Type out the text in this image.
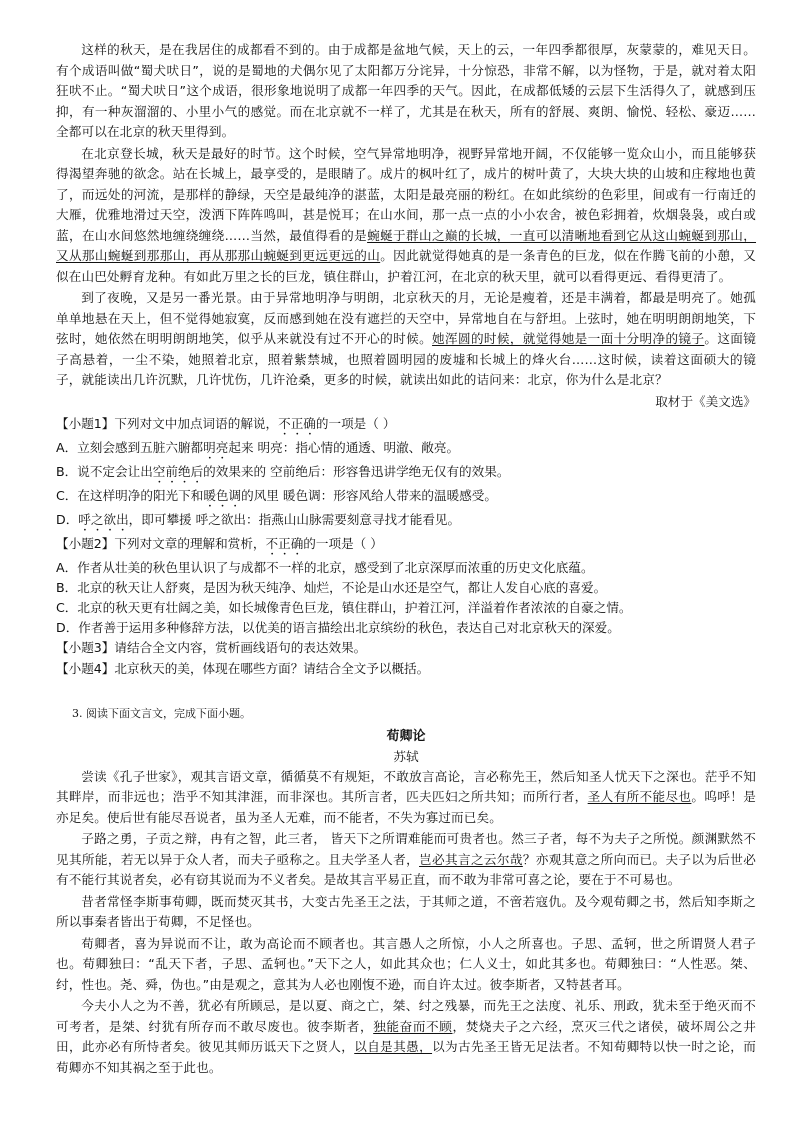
这样的秋天，是在我居住的成都看不到的。由于成都是盆地气候，天上的云，一年四季都很厚，灰蒙蒙的，难见天日。有个成语叫做“蜀犬吠日”，说的是蜀地的犬偶尔见了太阳都万分诧异，十分惊恐，非常不解，以为怪物，于是，就对着太阳狂吠不止。“蜀犬吠日”这个成语，很形象地说明了成都一年四季的天气。因此，在成都低矮的云层下生活得久了，就感到压抑，有一种灰溜溜的、小里小气的感觉。而在北京就不一样了，尤其是在秋天，所有的舒展、爽朗、愉悦、轻松、豪迈……全都可以在北京的秋天里得到。

在北京登长城，秋天是最好的时节。这个时候，空气异常地明净，视野异常地开阔，不仅能够一览众山小，而且能够获得渴望奔驰的欲念。站在长城上，最享受的，是眼睛了。成片的枫叶红了，成片的树叶黄了，大块大块的山坡和庄稼地也黄了，而远处的河流，是那样的静绿，天空是最纯净的湛蓝，太阳是最亮丽的粉红。在如此缤纷的色彩里，间或有一行南迁的大雁，优雅地滑过天空，泼洒下阵阵鸣叫，甚是悦耳；在山水间，那一点一点的小小农舍，被色彩拥着，炊烟袅袅，或白或蓝，在山水间悠然地缠绕缠绕……当然，最值得看的是蜿蜒于群山之巅的长城，一直可以清晰地看到它从这山蜿蜒到那山，又从那山蜿蜒到那那山，再从那那山蜿蜒到更远更远的山。因此就觉得她真的是一条青色的巨龙，似在作腾飞前的小憩，又似在山巴处孵育龙种。有如此万里之长的巨龙，镇住群山，护着江河，在北京的秋天里，就可以看得更远、看得更清了。

到了夜晚，又是另一番光景。由于异常地明净与明朗，北京秋天的月，无论是瘦着，还是丰满着，都最是明亮了。她孤单单地悬在天上，但不觉得她寂寞，反而感到她在没有遮拦的天空中，异常地自在与舒坦。上弦时，她在明明朗朗地笑，下弦时，她依然在明明朗朗地笑，似乎从来就没有过不开心的时候。她浑圆的时候，就觉得她是一面十分明净的镜子。这面镜子高悬着，一尘不染，她照着北京，照着紫禁城，也照着圆明园的废墟和长城上的烽火台……这时候，读着这面硕大的镜子，就能读出几许沉默，几许忧伤，几许沧桑，更多的时候，就读出如此的诘问来：北京，你为什么是北京？

取材于《美文选》

【小题1】下列对文中加点词语的解说，不正确的一项是（ ）

A．立刻会感到五脏六腑都明亮起来 明亮：指心情的通透、明澈、敞亮。

B．说不定会让出空前绝后的效果来的 空前绝后：形容鲁迅讲学绝无仅有的效果。

C．在这样明净的阳光下和暖色调的风里 暖色调：形容风给人带来的温暖感受。

D．呼之欲出，即可攀援 呼之欲出：指燕山山脉需要刻意寻找才能看见。

【小题2】下列对文章的理解和赏析，不正确的一项是（ ）

A．作者从壮美的秋色里认识了与成都不一样的北京，感受到了北京深厚而浓重的历史文化底蕴。

B．北京的秋天让人舒爽，是因为秋天纯净、灿烂，不论是山水还是空气，都让人发自心底的喜爱。

C．北京的秋天更有壮阔之美，如长城像青色巨龙，镇住群山，护着江河，洋溢着作者浓浓的自豪之情。

D．作者善于运用多种修辞方法，以优美的语言描绘出北京缤纷的秋色，表达自己对北京秋天的深爱。

【小题3】请结合全文内容，赏析画线语句的表达效果。

【小题4】北京秋天的美，体现在哪些方面？请结合全文予以概括。

3. 阅读下面文言文，完成下面小题。

荀卿论

苏轼

尝读《孔子世家》，观其言语文章，循循莫不有规矩，不敢放言高论，言必称先王，然后知圣人忧天下之深也。茫乎不知其畔岸，而非远也；浩乎不知其津涯，而非深也。其所言者，匹夫匹妇之所共知；而所行者，圣人有所不能尽也。呜呼！是亦足矣。使后世有能尽吾说者，虽为圣人无难，而不能者，不失为寡过而已矣。

子路之勇，子贡之辩，冉有之智，此三者， 皆天下之所谓难能而可贵者也。然三子者，每不为夫子之所悦。颜渊默然不见其所能，若无以异于众人者，而夫子亟称之。且夫学圣人者，岂必其言之云尔哉？亦观其意之所向而已。夫子以为后世必有不能行其说者矣，必有窃其说而为不义者矣。是故其言平易正直，而不敢为非常可喜之论，要在于不可易也。

昔者常怪李斯事荀卿，既而焚灭其书，大变古先圣王之法，于其师之道，不啻若寇仇。及今观荀卿之书，然后知李斯之所以事秦者皆出于荀卿，不足怪也。

荀卿者，喜为异说而不让，敢为高论而不顾者也。其言愚人之所惊，小人之所喜也。子思、孟轲，世之所谓贤人君子也。荀卿独曰：“乱天下者，子思、孟轲也。”天下之人，如此其众也；仁人义士，如此其多也。荀卿独曰：“人性恶。桀、纣，性也。尧、舜，伪也。”由是观之，意其为人必也刚愎不逊，而自许太过。彼李斯者，又特甚者耳。

今夫小人之为不善，犹必有所顾忌，是以夏、商之亡，桀、纣之残暴，而先王之法度、礼乐、刑政，犹未至于绝灭而不可考者，是桀、纣犹有所存而不敢尽废也。彼李斯者，独能奋而不顾，焚烧夫子之六经，烹灭三代之诸侯，破坏周公之井田，此亦必有所恃者矣。彼见其师历诋天下之贤人，以自是其愚，以为古先圣王皆无足法者。不知荀卿特以快一时之论，而荀卿亦不知其祸之至于此也。
